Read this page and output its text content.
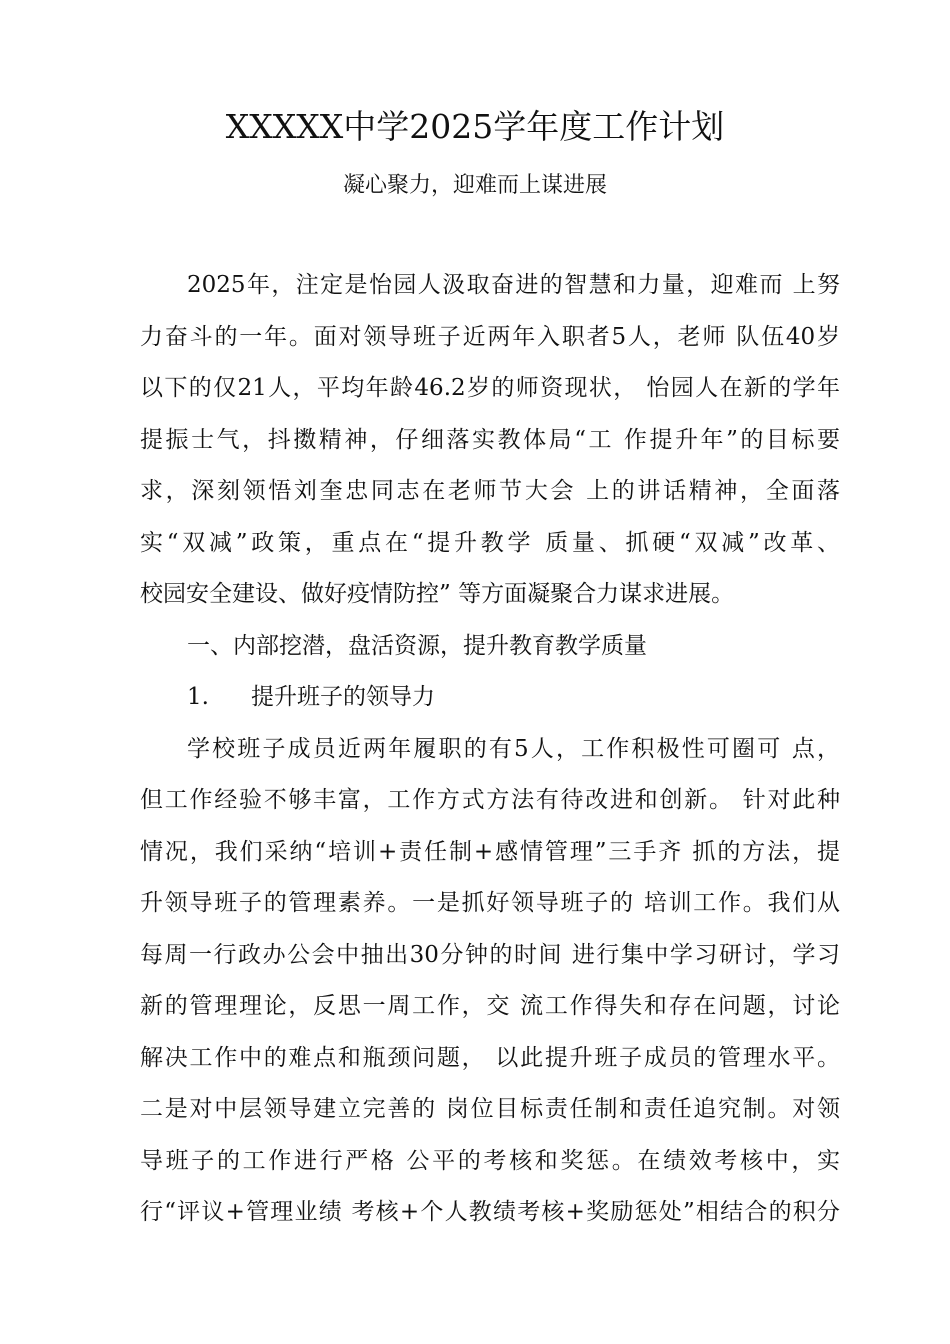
XXXXX中学2025学年度工作计划
凝心聚力，迎难而上谋进展
2025年，注定是怡园人汲取奋进的智慧和力量，迎难而 上努
力奋斗的一年。面对领导班子近两年入职者5人，老师 队伍40岁
以下的仅21人，平均年龄46.2岁的师资现状， 怡园人在新的学年
提振士气，抖擞精神，仔细落实教体局“工 作提升年”的目标要
求，深刻领悟刘奎忠同志在老师节大会 上的讲话精神，全面落
实“双减”政策，重点在“提升教学 质量、抓硬“双减”改革、
校园安全建设、做好疫情防控” 等方面凝聚合力谋求进展。
一、内部挖潜，盘活资源，提升教育教学质量
1. 提升班子的领导力
学校班子成员近两年履职的有5人，工作积极性可圈可 点，
但工作经验不够丰富，工作方式方法有待改进和创新。 针对此种
情况，我们采纳“培训+责任制+感情管理”三手齐 抓的方法，提
升领导班子的管理素养。一是抓好领导班子的 培训工作。我们从
每周一行政办公会中抽出30分钟的时间 进行集中学习研讨，学习
新的管理理论，反思一周工作，交 流工作得失和存在问题，讨论
解决工作中的难点和瓶颈问题， 以此提升班子成员的管理水平。
二是对中层领导建立完善的 岗位目标责任制和责任追究制。对领
导班子的工作进行严格 公平的考核和奖惩。在绩效考核中，实
行“评议+管理业绩 考核+个人教绩考核+奖励惩处”相结合的积分
